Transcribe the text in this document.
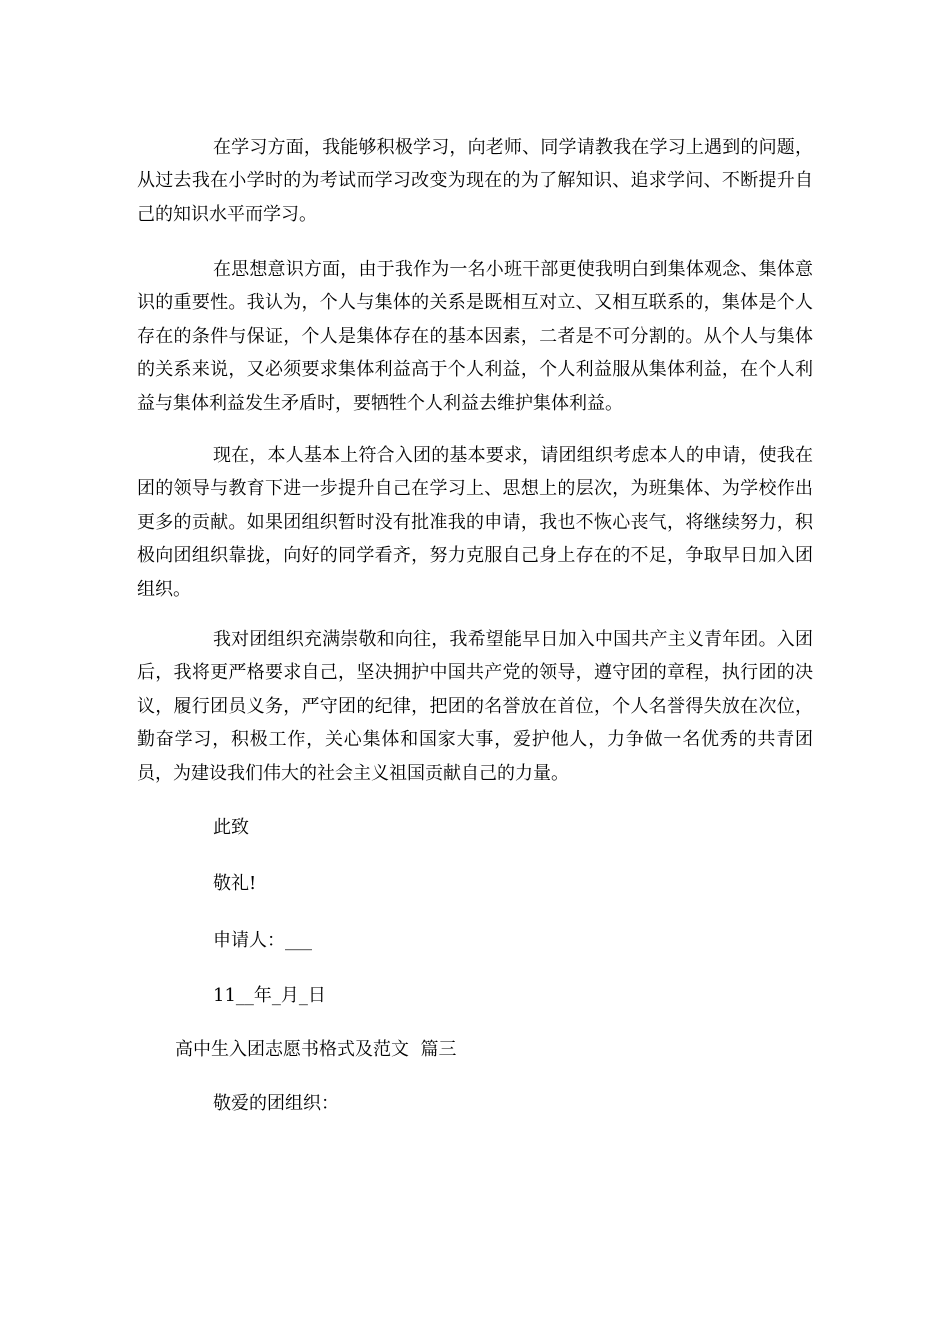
在学习方面，我能够积极学习，向老师、同学请教我在学习上遇到的问题，从过去我在小学时的为考试而学习改变为现在的为了解知识、追求学问、不断提升自己的知识水平而学习。

在思想意识方面，由于我作为一名小班干部更使我明白到集体观念、集体意识的重要性。我认为，个人与集体的关系是既相互对立、又相互联系的，集体是个人存在的条件与保证，个人是集体存在的基本因素，二者是不可分割的。从个人与集体的关系来说，又必须要求集体利益高于个人利益，个人利益服从集体利益，在个人利益与集体利益发生矛盾时，要牺牲个人利益去维护集体利益。

现在，本人基本上符合入团的基本要求，请团组织考虑本人的申请，使我在团的领导与教育下进一步提升自己在学习上、思想上的层次，为班集体、为学校作出更多的贡献。如果团组织暂时没有批准我的申请，我也不恢心丧气，将继续努力，积极向团组织靠拢，向好的同学看齐，努力克服自己身上存在的不足，争取早日加入团组织。

我对团组织充满崇敬和向往，我希望能早日加入中国共产主义青年团。入团后，我将更严格要求自己，坚决拥护中国共产党的领导，遵守团的章程，执行团的决议，履行团员义务，严守团的纪律，把团的名誉放在首位，个人名誉得失放在次位，勤奋学习，积极工作，关心集体和国家大事，爱护他人，力争做一名优秀的共青团员，为建设我们伟大的社会主义祖国贡献自己的力量。

此致

敬礼!

申请人：___

11__年_月_日

高中生入团志愿书格式及范文  篇三

敬爱的团组织：
